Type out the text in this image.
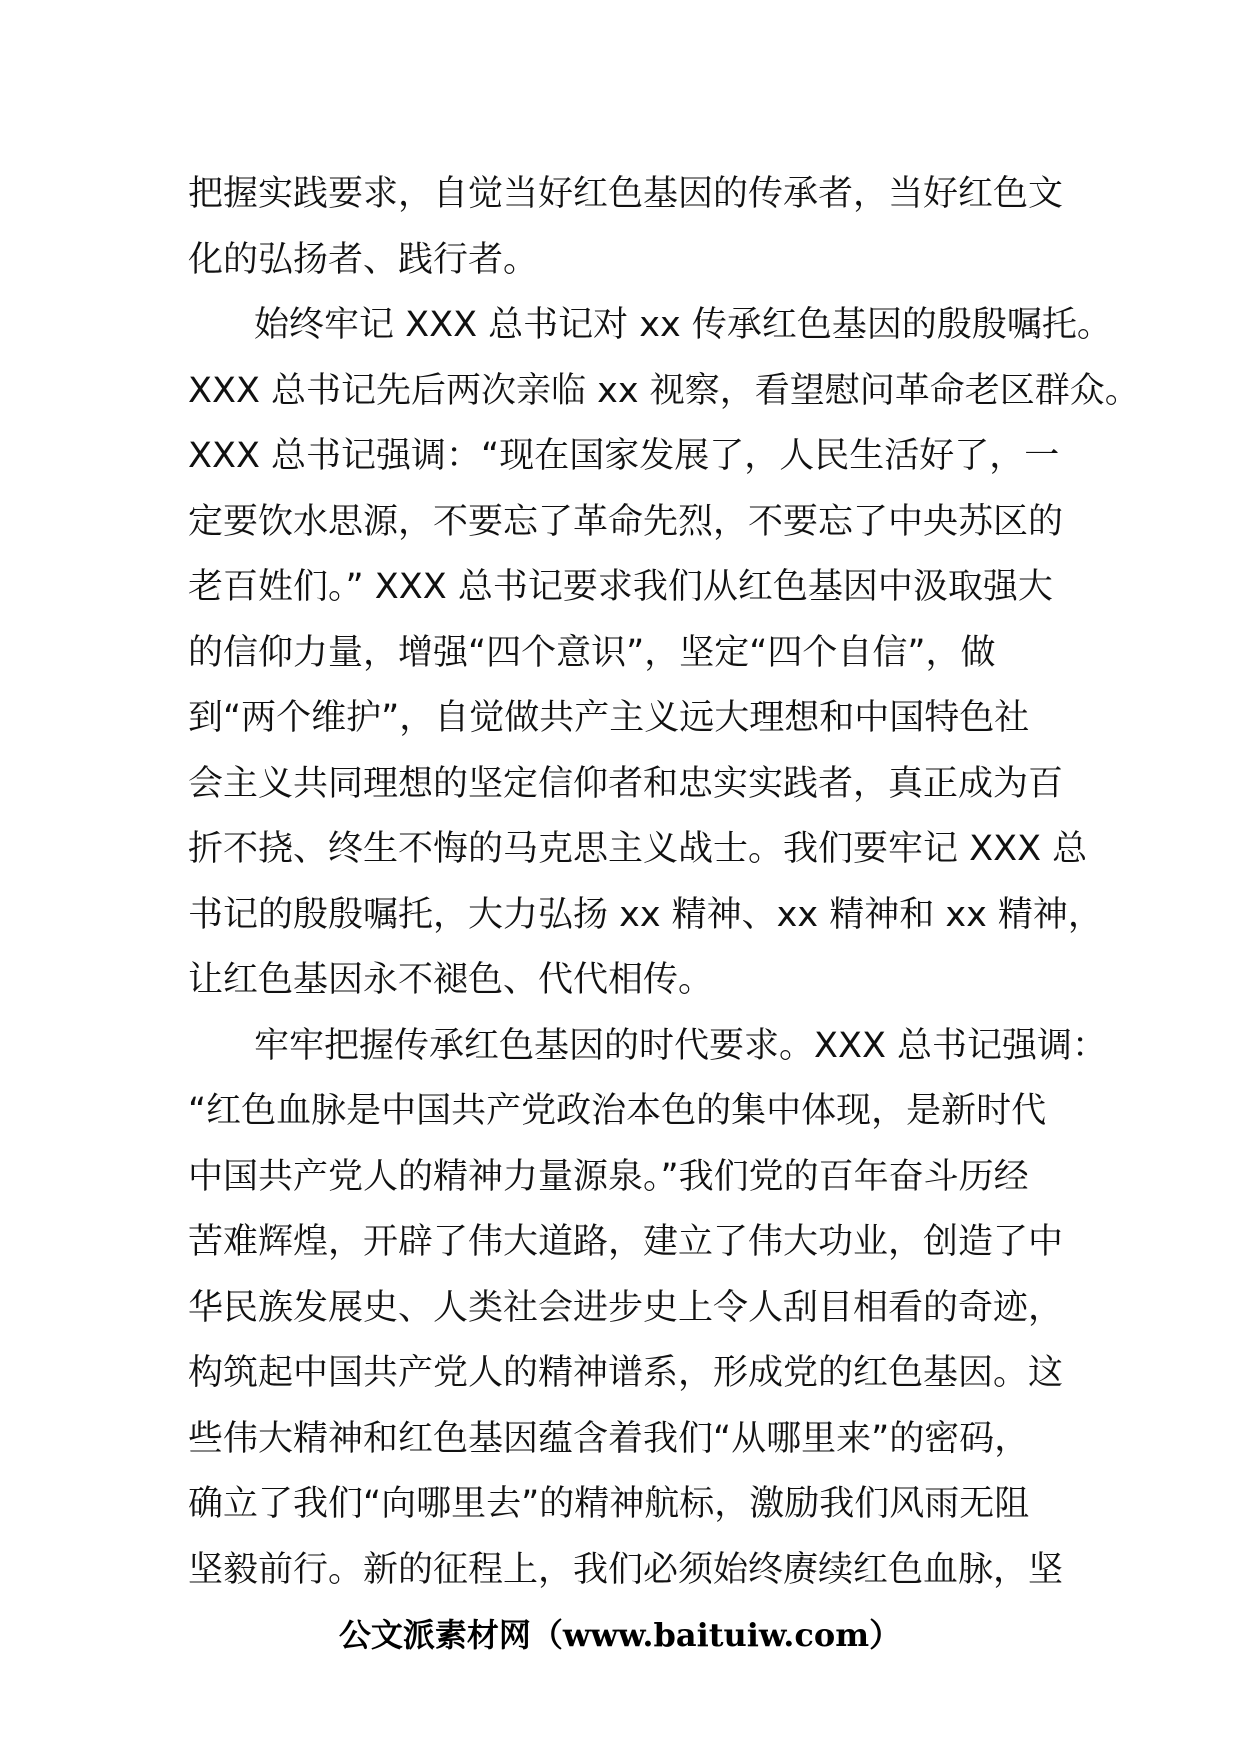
把握实践要求，自觉当好红色基因的传承者，当好红色文
化的弘扬者、践行者。
始终牢记 XXX 总书记对 xx 传承红色基因的殷殷嘱托。
XXX 总书记先后两次亲临 xx 视察，看望慰问革命老区群众。
XXX 总书记强调：“现在国家发展了，人民生活好了，一
定要饮水思源，不要忘了革命先烈，不要忘了中央苏区的
老百姓们。” XXX 总书记要求我们从红色基因中汲取强大
的信仰力量，增强“四个意识”，坚定“四个自信”，做
到“两个维护”，自觉做共产主义远大理想和中国特色社
会主义共同理想的坚定信仰者和忠实实践者，真正成为百
折不挠、终生不悔的马克思主义战士。我们要牢记 XXX 总
书记的殷殷嘱托，大力弘扬 xx 精神、xx 精神和 xx 精神，
让红色基因永不褪色、代代相传。
牢牢把握传承红色基因的时代要求。XXX 总书记强调：
“红色血脉是中国共产党政治本色的集中体现，是新时代
中国共产党人的精神力量源泉。”我们党的百年奋斗历经
苦难辉煌，开辟了伟大道路，建立了伟大功业，创造了中
华民族发展史、人类社会进步史上令人刮目相看的奇迹，
构筑起中国共产党人的精神谱系，形成党的红色基因。这
些伟大精神和红色基因蕴含着我们“从哪里来”的密码，
确立了我们“向哪里去”的精神航标，激励我们风雨无阻
坚毅前行。新的征程上，我们必须始终赓续红色血脉，坚
公文派素材网（www.baituiw.com）
